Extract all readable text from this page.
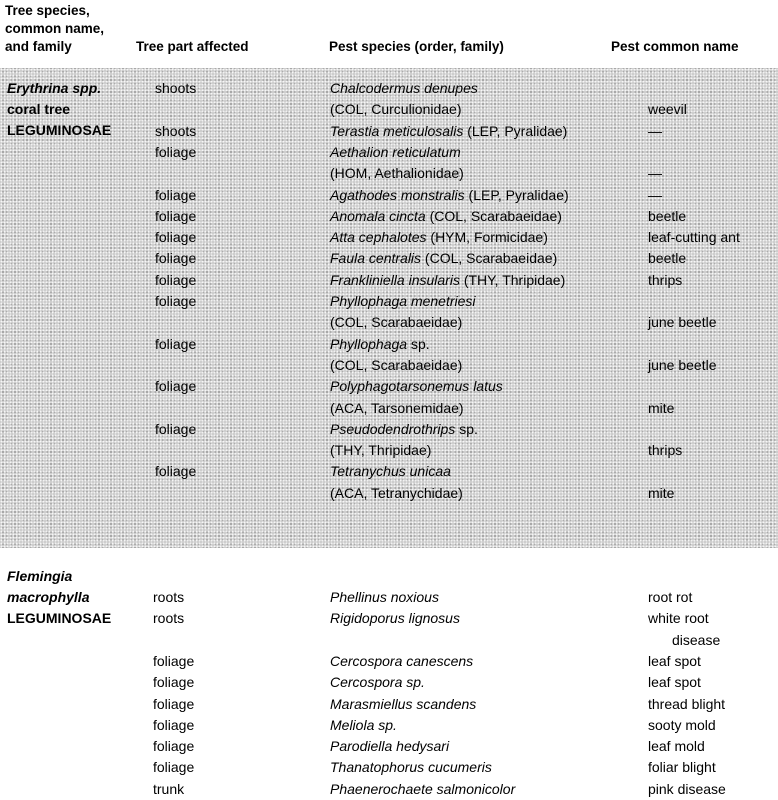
Tree species,
common name,
and family	Tree part affected	Pest species (order, family)	Pest common name
Erythrina spp.
coral tree
LEGUMINOSAE
shoots	Chalcodermus denupes
(COL, Curculionidae)	weevil
shoots	Terastia meticulosalis (LEP, Pyralidae)	—
foliage	Aethalion reticulatum
(HOM, Aethalionidae)	—
foliage	Agathodes monstralis (LEP, Pyralidae)	—
foliage	Anomala cincta (COL, Scarabaeidae)	beetle
foliage	Atta cephalotes (HYM, Formicidae)	leaf-cutting ant
foliage	Faula centralis (COL, Scarabaeidae)	beetle
foliage	Frankliniella insularis (THY, Thripidae)	thrips
foliage	Phyllophaga menetriesi
(COL, Scarabaeidae)	june beetle
foliage	Phyllophaga sp.
(COL, Scarabaeidae)	june beetle
foliage	Polyphagotarsonemus latus
(ACA, Tarsonemidae)	mite
foliage	Pseudodendrothrips sp.
(THY, Thripidae)	thrips
foliage	Tetranychus unicaa
(ACA, Tetranychidae)	mite
Flemingia
macrophylla
LEGUMINOSAE
roots	Phellinus noxious	root rot
roots	Rigidoporus lignosus	white root
disease
foliage	Cercospora canescens	leaf spot
foliage	Cercospora sp.	leaf spot
foliage	Marasmiellus scandens	thread blight
foliage	Meliola sp.	sooty mold
foliage	Parodiella hedysari	leaf mold
foliage	Thanatophorus cucumeris	foliar blight
trunk	Phaenerochaete salmonicolor	pink disease
